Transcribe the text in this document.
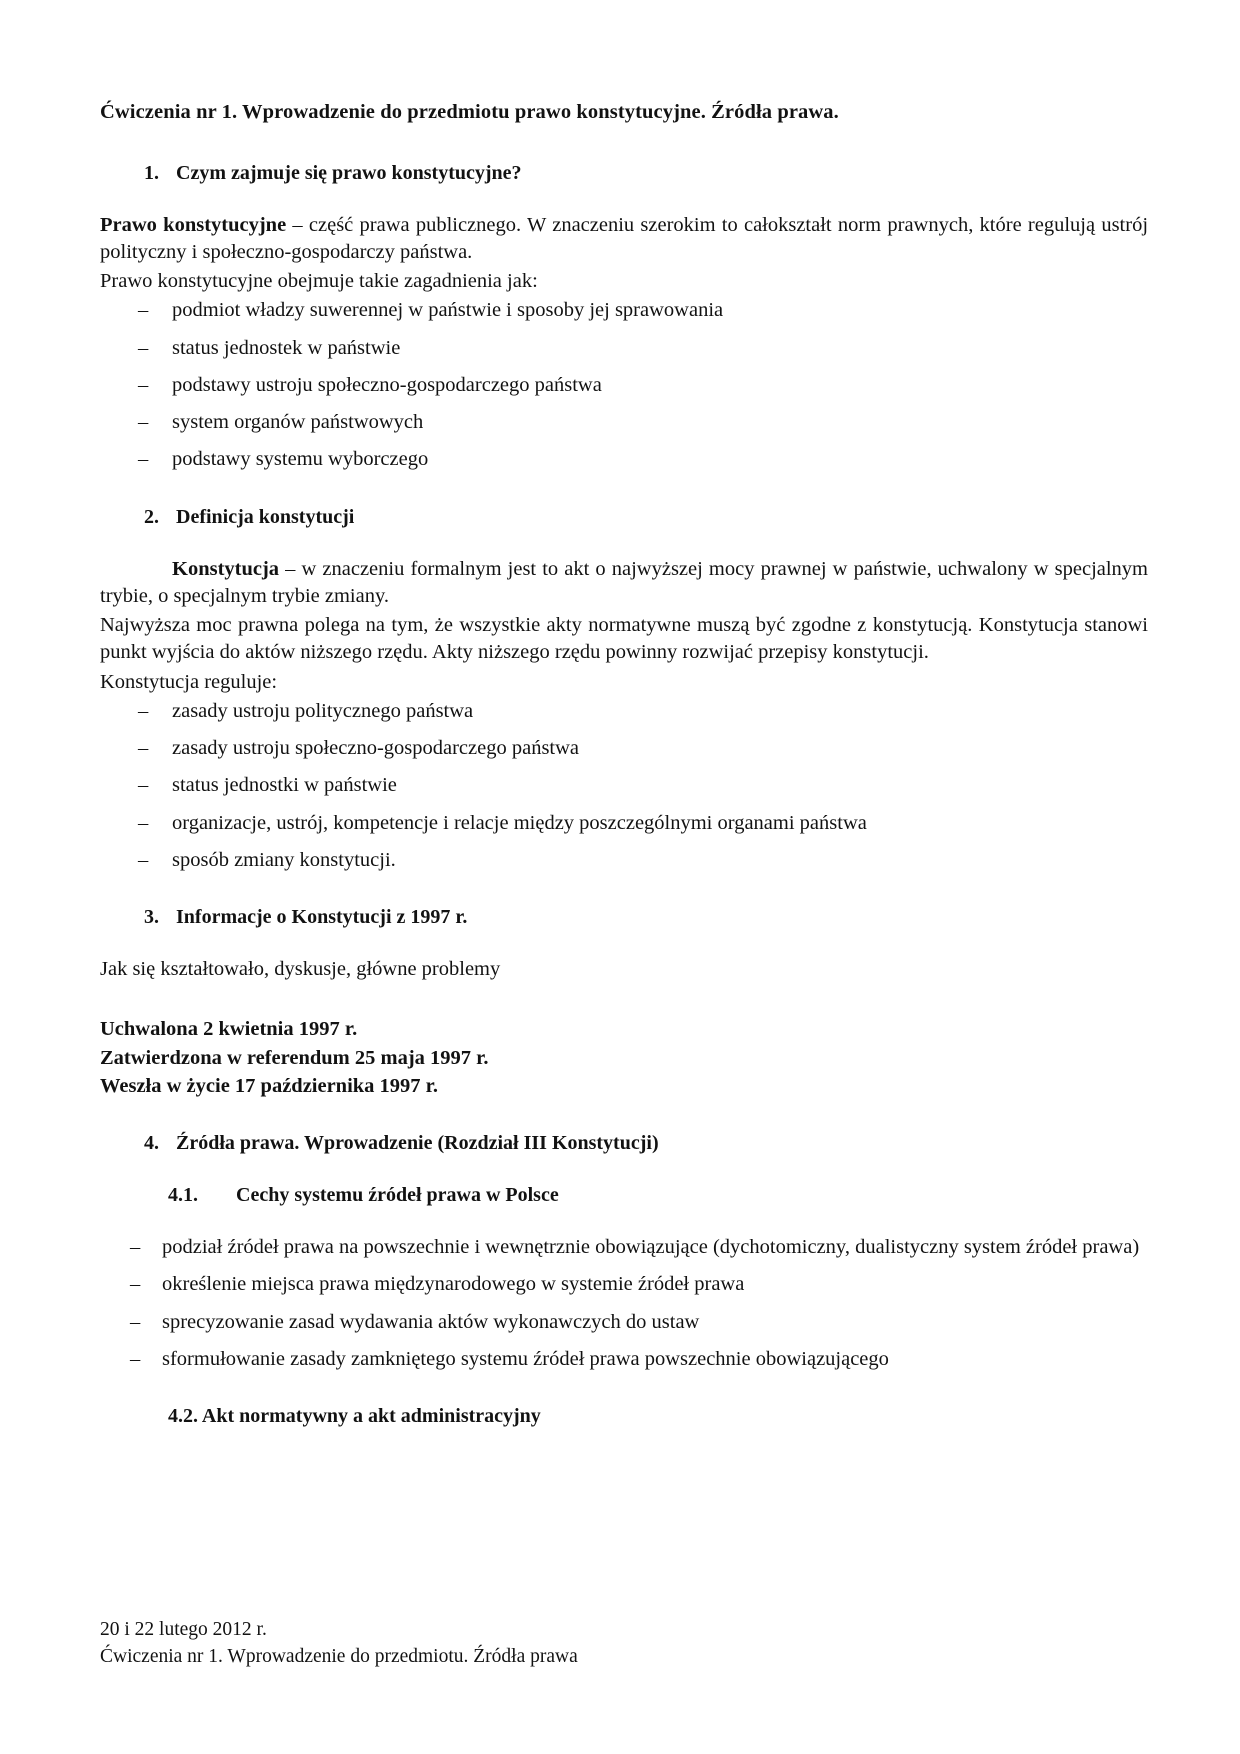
Ćwiczenia nr 1. Wprowadzenie do przedmiotu prawo konstytucyjne. Źródła prawa.
1. Czym zajmuje się prawo konstytucyjne?

Prawo konstytucyjne – część prawa publicznego. W znaczeniu szerokim to całokształt norm prawnych, które regulują ustrój polityczny i społeczno-gospodarczy państwa.

Prawo konstytucyjne obejmuje takie zagadnienia jak:

– podmiot władzy suwerennej w państwie i sposoby jej sprawowania
– status jednostek w państwie
– podstawy ustroju społeczno-gospodarczego państwa
– system organów państwowych
– podstawy systemu wyborczego
2. Definicja konstytucji

Konstytucja – w znaczeniu formalnym jest to akt o najwyższej mocy prawnej w państwie, uchwalony w specjalnym trybie, o specjalnym trybie zmiany.

Najwyższa moc prawna polega na tym, że wszystkie akty normatywne muszą być zgodne z konstytucją. Konstytucja stanowi punkt wyjścia do aktów niższego rzędu. Akty niższego rzędu powinny rozwijać przepisy konstytucji.

Konstytucja reguluje:

– zasady ustroju politycznego państwa
– zasady ustroju społeczno-gospodarczego państwa
– status jednostki w państwie
– organizacje, ustrój, kompetencje i relacje między poszczególnymi organami państwa
– sposób zmiany konstytucji.
3. Informacje o Konstytucji z 1997 r.

Jak się kształtowało, dyskusje, główne problemy

Uchwalona 2 kwietnia 1997 r.
Zatwierdzona w referendum 25 maja 1997 r.
Weszła w życie 17 października 1997 r.
4. Źródła prawa. Wprowadzenie (Rozdział III Konstytucji)
4.1. Cechy systemu źródeł prawa w Polsce
– podział źródeł prawa na powszechnie i wewnętrznie obowiązujące (dychotomiczny, dualistyczny system źródeł prawa)
– określenie miejsca prawa międzynarodowego w systemie źródeł prawa
– sprecyzowanie zasad wydawania aktów wykonawczych do ustaw
– sformułowanie zasady zamkniętego systemu źródeł prawa powszechnie obowiązującego
4.2. Akt normatywny a akt administracyjny
20 i 22 lutego 2012 r.
Ćwiczenia nr 1. Wprowadzenie do przedmiotu. Źródła prawa
